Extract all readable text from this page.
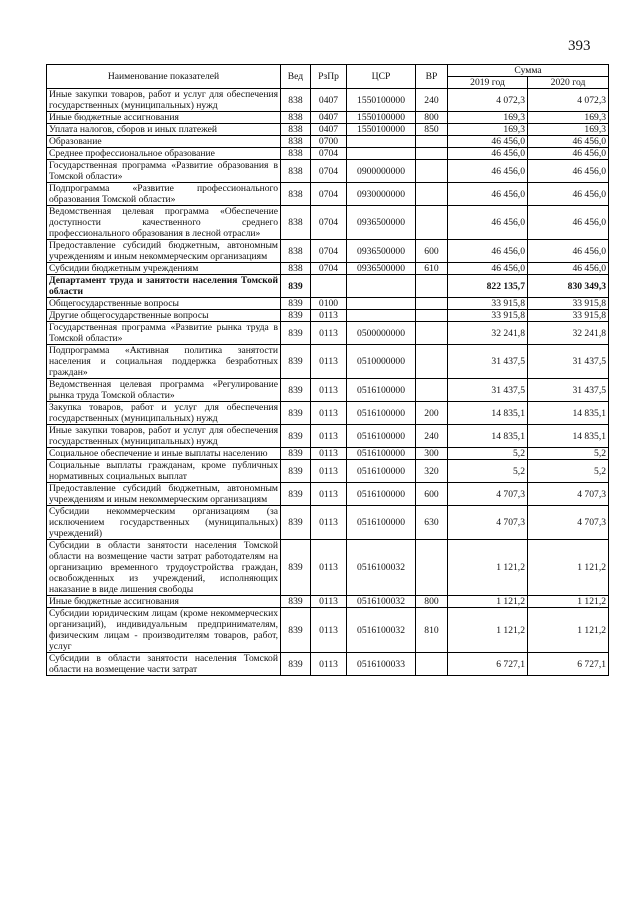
393
Наименование показателей	Вед	РзПр	ЦСР	ВР	Сумма	
					2019 год	2020 год
Иные закупки товаров, работ и услуг для обеспечения государственных (муниципальных) нужд	838	0407	1550100000	240	4 072,3	4 072,3
Иные бюджетные ассигнования	838	0407	1550100000	800	169,3	169,3
Уплата налогов, сборов и иных платежей	838	0407	1550100000	850	169,3	169,3
Образование	838	0700			46 456,0	46 456,0
Среднее профессиональное образование	838	0704			46 456,0	46 456,0
Государственная программа «Развитие образования в Томской области»	838	0704	0900000000		46 456,0	46 456,0
Подпрограмма «Развитие профессионального образования Томской области»	838	0704	0930000000		46 456,0	46 456,0
Ведомственная целевая программа «Обеспечение доступности качественного среднего профессионального образования в лесной отрасли»	838	0704	0936500000		46 456,0	46 456,0
Предоставление субсидий бюджетным, автономным учреждениям и иным некоммерческим организациям	838	0704	0936500000	600	46 456,0	46 456,0
Субсидии бюджетным учреждениям	838	0704	0936500000	610	46 456,0	46 456,0
Департамент труда и занятости населения Томской области	839				822 135,7	830 349,3
Общегосударственные вопросы	839	0100			33 915,8	33 915,8
Другие общегосударственные вопросы	839	0113			33 915,8	33 915,8
Государственная программа «Развитие рынка труда в Томской области»	839	0113	0500000000		32 241,8	32 241,8
Подпрограмма «Активная политика занятости населения и социальная поддержка безработных граждан»	839	0113	0510000000		31 437,5	31 437,5
Ведомственная целевая программа «Регулирование рынка труда Томской области»	839	0113	0516100000		31 437,5	31 437,5
Закупка товаров, работ и услуг для обеспечения государственных (муниципальных) нужд	839	0113	0516100000	200	14 835,1	14 835,1
Иные закупки товаров, работ и услуг для обеспечения государственных (муниципальных) нужд	839	0113	0516100000	240	14 835,1	14 835,1
Социальное обеспечение и иные выплаты населению	839	0113	0516100000	300	5,2	5,2
Социальные выплаты гражданам, кроме публичных нормативных социальных выплат	839	0113	0516100000	320	5,2	5,2
Предоставление субсидий бюджетным, автономным учреждениям и иным некоммерческим организациям	839	0113	0516100000	600	4 707,3	4 707,3
Субсидии некоммерческим организациям (за исключением государственных (муниципальных) учреждений)	839	0113	0516100000	630	4 707,3	4 707,3
Субсидии в области занятости населения Томской области на возмещение части затрат работодателям на организацию временного трудоустройства граждан, освобожденных из учреждений, исполняющих наказание в виде лишения свободы	839	0113	0516100032		1 121,2	1 121,2
Иные бюджетные ассигнования	839	0113	0516100032	800	1 121,2	1 121,2
Субсидии юридическим лицам (кроме некоммерческих организаций), индивидуальным предпринимателям, физическим лицам - производителям товаров, работ, услуг	839	0113	0516100032	810	1 121,2	1 121,2
Субсидии в области занятости населения Томской области на возмещение части затрат	839	0113	0516100033		6 727,1	6 727,1
